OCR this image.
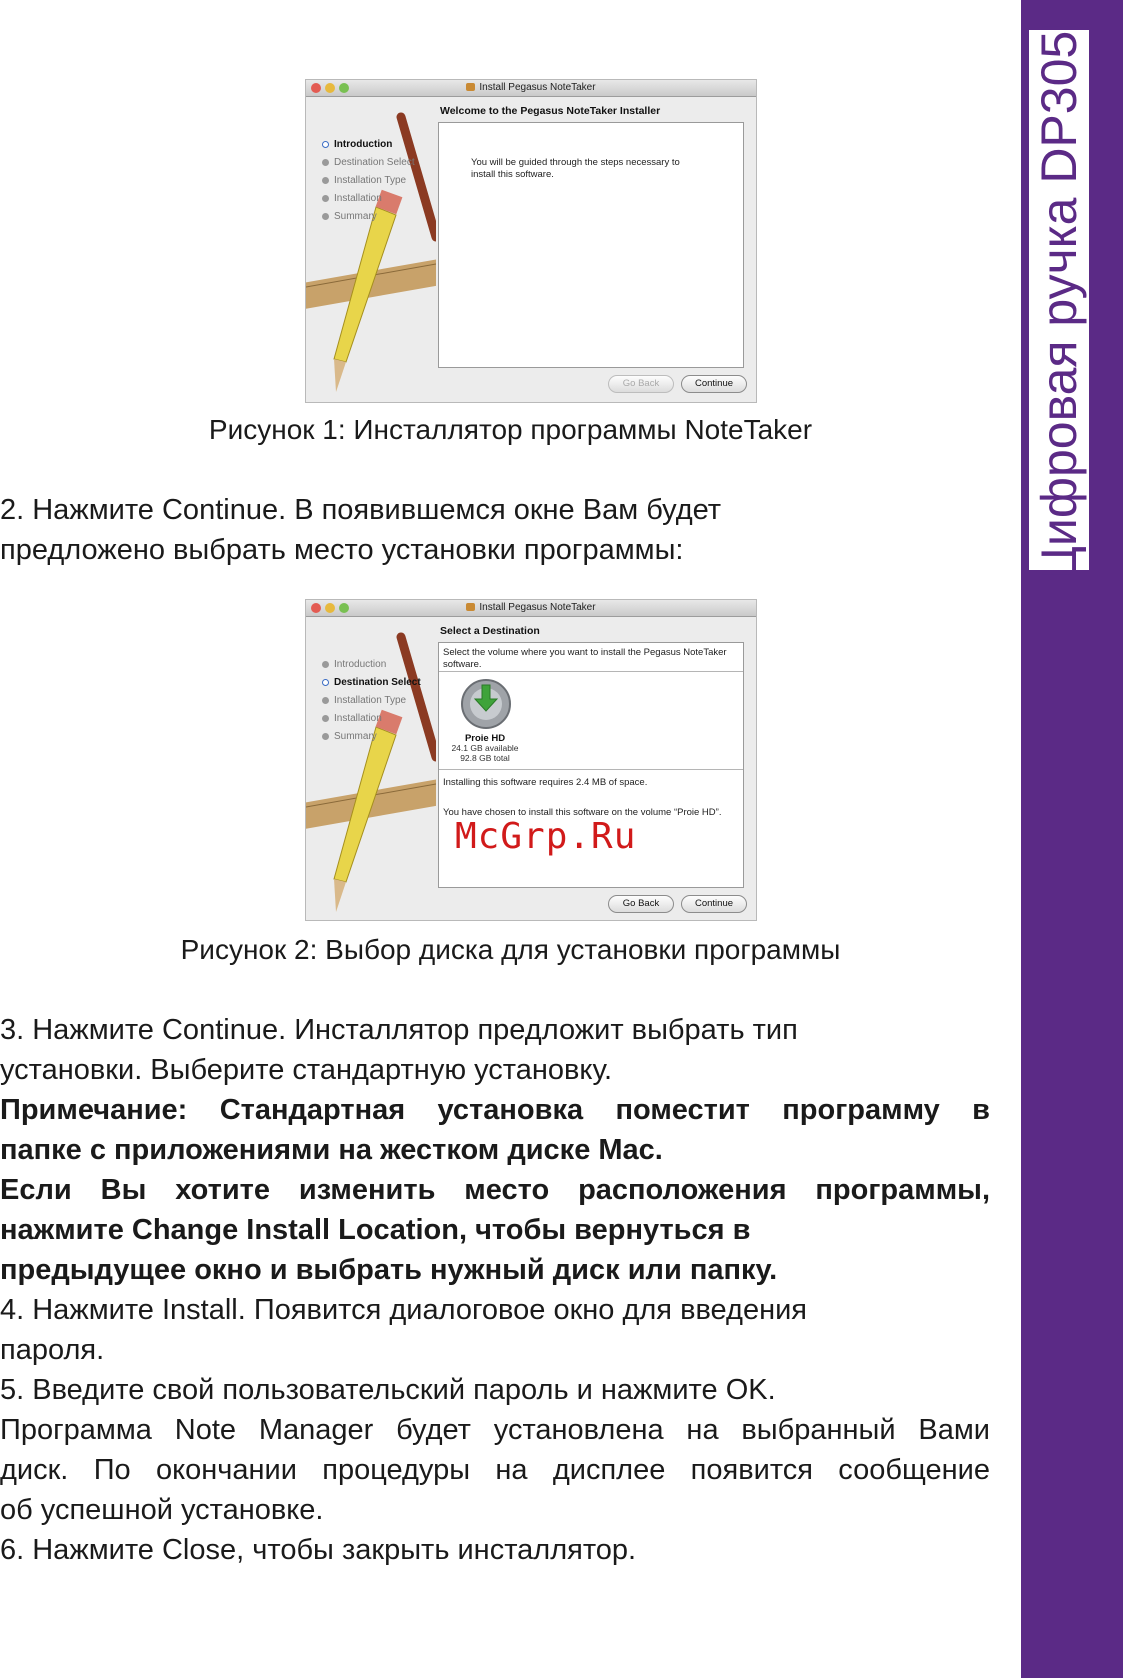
Цифровая ручка DP305I
Install Pegasus NoteTaker
Introduction
Destination Select
Installation Type
Installation
Summary
Welcome to the Pegasus NoteTaker Installer
You will be guided through the steps necessary to
install this software.
Go Back	Continue
Рисунок 1: Инсталлятор программы NoteTaker
2. Нажмите Continue. В появившемся окне Вам будет
предложено выбрать место установки программы:
Install Pegasus NoteTaker
Introduction
Destination Select
Installation Type
Installation
Summary
Select a Destination
Select the volume where you want to install the Pegasus NoteTaker software.
Proie HD
24.1 GB available
92.8 GB total
Installing this software requires 2.4 MB of space.
You have chosen to install this software on the volume “Proie HD”.
Go Back	Continue
McGrp.Ru
Рисунок 2: Выбор диска для установки программы
3. Нажмите Continue. Инсталлятор предложит выбрать тип
установки. Выберите стандартную установку.
Примечание: Стандартная установка поместит программу в
папке с приложениями на жестком диске Mac.
Если Вы хотите изменить место расположения программы,
нажмите Change Install Location, чтобы вернуться в
предыдущее окно и выбрать нужный диск или папку.
4. Нажмите Install. Появится диалоговое окно для введения
пароля.
5. Введите свой пользовательский пароль и нажмите OK.
Программа Note Manager будет установлена на выбранный Вами
диск. По окончании процедуры на дисплее появится сообщение
об успешной установке.
6. Нажмите Close, чтобы закрыть инсталлятор.
